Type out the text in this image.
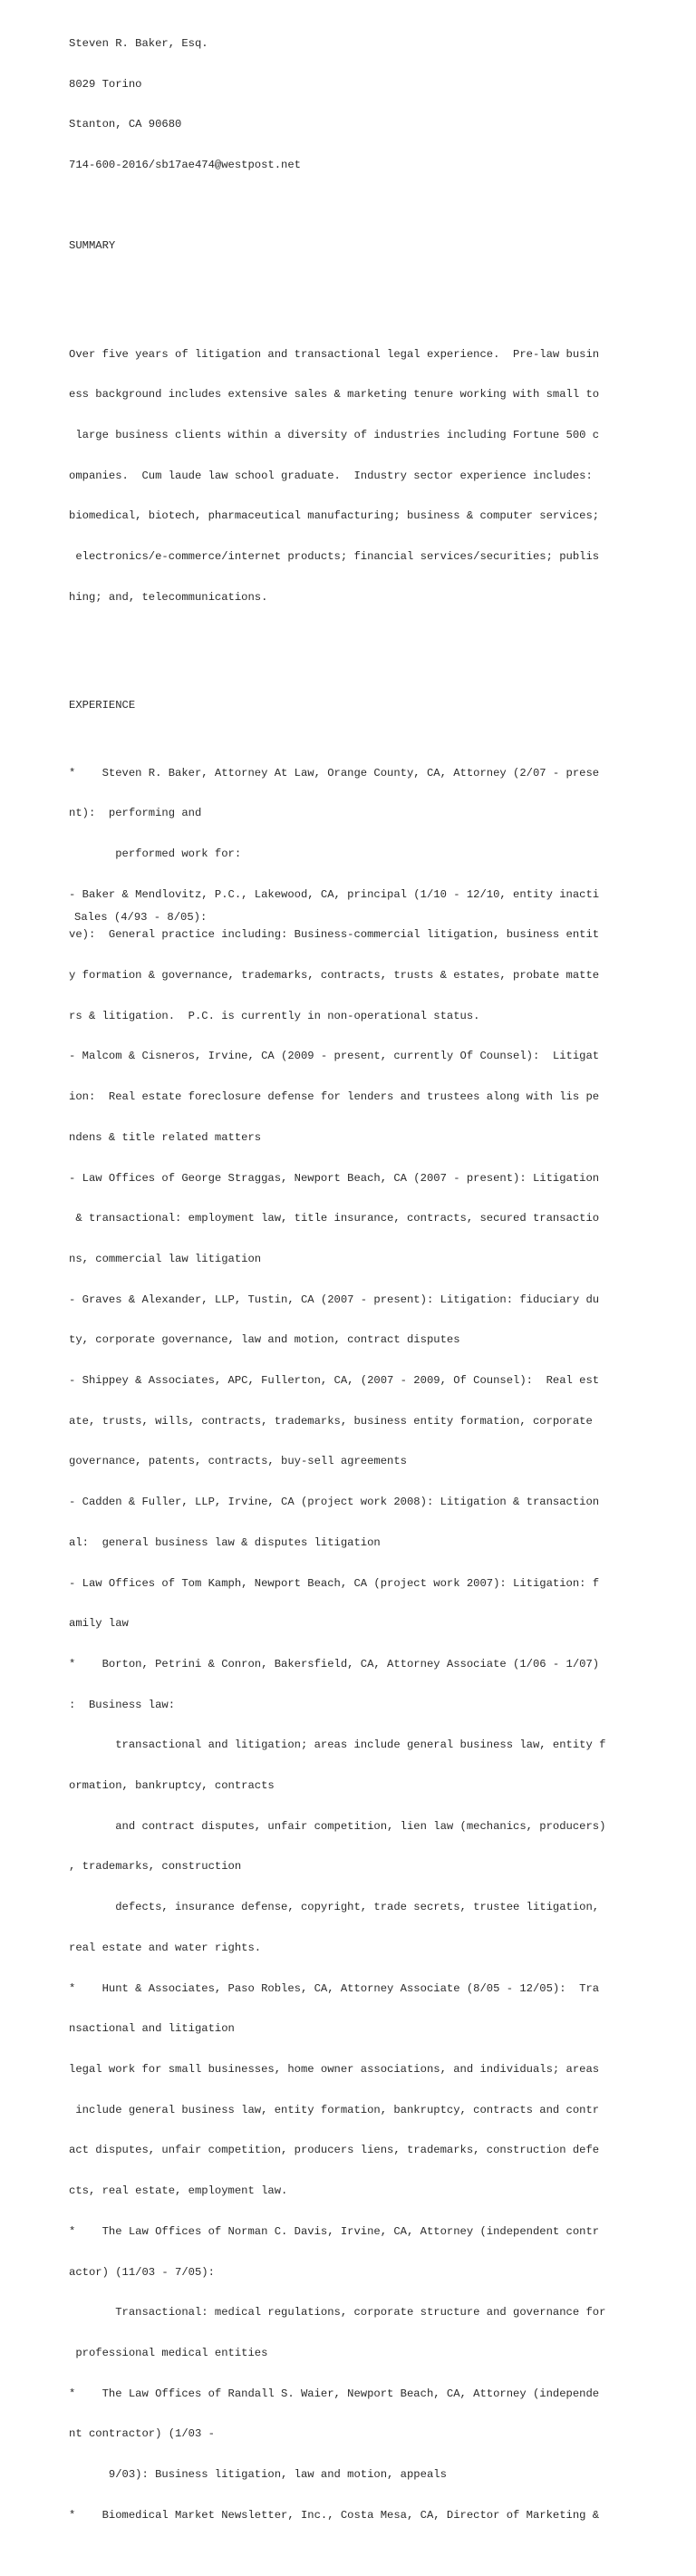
Steven R. Baker, Esq.

8029 Torino

Stanton, CA 90680

714-600-2016/sb17ae474@westpost.net

SUMMARY

Over five years of litigation and transactional legal experience.  Pre-law busin

ess background includes extensive sales & marketing tenure working with small to

large business clients within a diversity of industries including Fortune 500 c

ompanies.  Cum laude law school graduate.  Industry sector experience includes:

biomedical, biotech, pharmaceutical manufacturing; business & computer services;

electronics/e-commerce/internet products; financial services/securities; publis

hing; and, telecommunications.

EXPERIENCE

*    Steven R. Baker, Attorney At Law, Orange County, CA, Attorney (2/07 - prese

nt):  performing and

performed work for:

- Baker & Mendlovitz, P.C., Lakewood, CA, principal (1/10 - 12/10, entity inacti

ve):  General practice including: Business-commercial litigation, business entit

y formation & governance, trademarks, contracts, trusts & estates, probate matte

rs & litigation.  P.C. is currently in non-operational status.

- Malcom & Cisneros, Irvine, CA (2009 - present, currently Of Counsel):  Litigat

ion:  Real estate foreclosure defense for lenders and trustees along with lis pe

ndens & title related matters

- Law Offices of George Straggas, Newport Beach, CA (2007 - present): Litigation

& transactional: employment law, title insurance, contracts, secured transactio

ns, commercial law litigation

- Graves & Alexander, LLP, Tustin, CA (2007 - present): Litigation: fiduciary du

ty, corporate governance, law and motion, contract disputes

- Shippey & Associates, APC, Fullerton, CA, (2007 - 2009, Of Counsel):  Real est

ate, trusts, wills, contracts, trademarks, business entity formation, corporate

governance, patents, contracts, buy-sell agreements

- Cadden & Fuller, LLP, Irvine, CA (project work 2008): Litigation & transaction

al:  general business law & disputes litigation

- Law Offices of Tom Kamph, Newport Beach, CA (project work 2007): Litigation: f

amily law

*    Borton, Petrini & Conron, Bakersfield, CA, Attorney Associate (1/06 - 1/07)

:  Business law:

transactional and litigation; areas include general business law, entity f

ormation, bankruptcy, contracts

and contract disputes, unfair competition, lien law (mechanics, producers)

, trademarks, construction

defects, insurance defense, copyright, trade secrets, trustee litigation,

real estate and water rights.

*    Hunt & Associates, Paso Robles, CA, Attorney Associate (8/05 - 12/05):  Tra

nsactional and litigation

legal work for small businesses, home owner associations, and individuals; areas

include general business law, entity formation, bankruptcy, contracts and contr

act disputes, unfair competition, producers liens, trademarks, construction defe

cts, real estate, employment law.

*    The Law Offices of Norman C. Davis, Irvine, CA, Attorney (independent contr

actor) (11/03 - 7/05):

Transactional: medical regulations, corporate structure and governance for

professional medical entities

*    The Law Offices of Randall S. Waier, Newport Beach, CA, Attorney (independe

nt contractor) (1/03 -

9/03): Business litigation, law and motion, appeals

*    Biomedical Market Newsletter, Inc., Costa Mesa, CA, Director of Marketing &

Sales (4/93 - 8/05):
